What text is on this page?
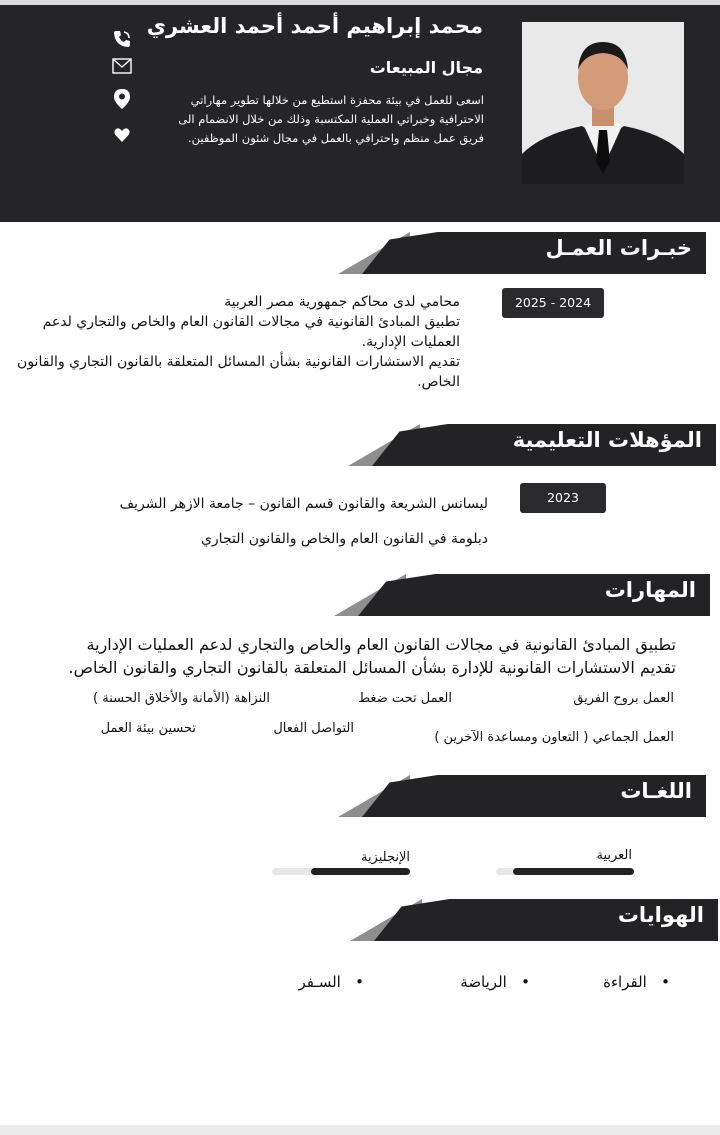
محمد إبراهيم أحمد أحمد العشري
مجال المبيعات
اسعى للعمل في بيئة محفزة استطيع من خلالها تطوير مهاراتي الاحترافية وخبراتي العملية المكتسبة وذلك من خلال الانضمام الى فريق عمل منظم واحترافي بالعمل في مجال شئون الموظفين.
خبـرات العمـل
2025 - 2024
محامي لدى محاكم جمهورية مصر العربية
تطبيق المبادئ القانونية في مجالات القانون العام والخاص والتجاري لدعم العمليات الإدارية.
تقديم الاستشارات القانونية بشأن المسائل المتعلقة بالقانون التجاري والقانون الخاص.
المؤهلات التعليمية
2023
ليسانس الشريعة والقانون قسم القانون – جامعة الازهر الشريف
دبلومة في القانون العام والخاص والقانون التجاري
المهارات
تطبيق المبادئ القانونية في مجالات القانون العام والخاص والتجاري لدعم العمليات الإدارية
تقديم الاستشارات القانونية للإدارة بشأن المسائل المتعلقة بالقانون التجاري والقانون الخاص.
العمل بروح الفريق
العمل تحت ضغط
النزاهة (الأمانة والأخلاق الحسنة )
العمل الجماعي ( التعاون ومساعدة الآخرين )
التواصل الفعال
تحسين بيئة العمل
اللغـات
العربية
الإنجليزية
الهوايات
•   القراءة
•   الرياضة
•   السـفر
